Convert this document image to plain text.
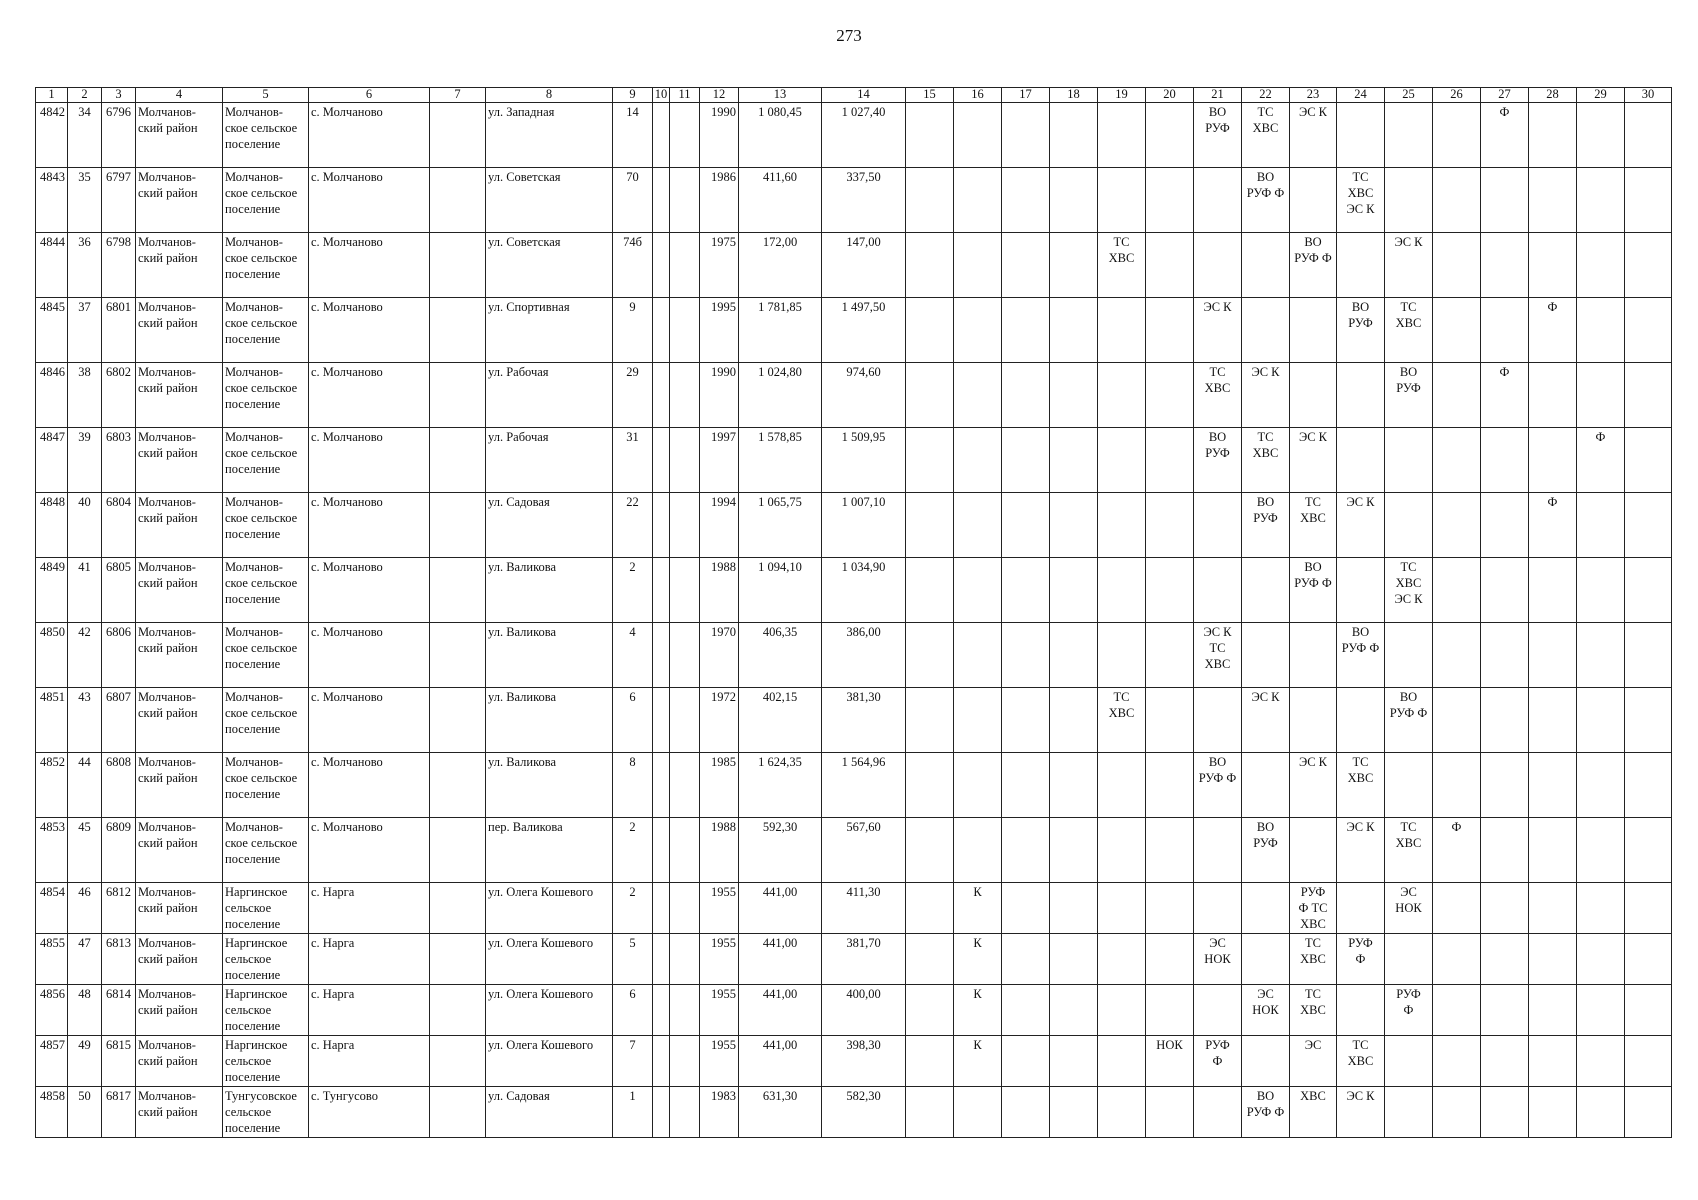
273
1	2	3	4	5	6	7	8	9	10	11	12	13	14	15	16	17	18	19	20	21	22	23	24	25	26	27	28	29	30
4842	34	6796	Молчанов-
ский район	Молчанов-
ское сельское
поселение	с. Молчаново		ул. Западная	14			1990	1 080,45	1 027,40							ВО
РУФ	ТС
ХВС	ЭС К				Ф			
4843	35	6797	Молчанов-
ский район	Молчанов-
ское сельское
поселение	с. Молчаново		ул. Советская	70			1986	411,60	337,50								ВО
РУФ Ф		ТС
ХВС
ЭС К						
4844	36	6798	Молчанов-
ский район	Молчанов-
ское сельское
поселение	с. Молчаново		ул. Советская	74б			1975	172,00	147,00					ТС
ХВС				ВО
РУФ Ф		ЭС К					
4845	37	6801	Молчанов-
ский район	Молчанов-
ское сельское
поселение	с. Молчаново		ул. Спортивная	9			1995	1 781,85	1 497,50							ЭС К			ВО
РУФ	ТС
ХВС			Ф		
4846	38	6802	Молчанов-
ский район	Молчанов-
ское сельское
поселение	с. Молчаново		ул. Рабочая	29			1990	1 024,80	974,60							ТС
ХВС	ЭС К			ВО
РУФ		Ф			
4847	39	6803	Молчанов-
ский район	Молчанов-
ское сельское
поселение	с. Молчаново		ул. Рабочая	31			1997	1 578,85	1 509,95							ВО
РУФ	ТС
ХВС	ЭС К						Ф	
4848	40	6804	Молчанов-
ский район	Молчанов-
ское сельское
поселение	с. Молчаново		ул. Садовая	22			1994	1 065,75	1 007,10								ВО
РУФ	ТС
ХВС	ЭС К				Ф		
4849	41	6805	Молчанов-
ский район	Молчанов-
ское сельское
поселение	с. Молчаново		ул. Валикова	2			1988	1 094,10	1 034,90									ВО
РУФ Ф		ТС
ХВС
ЭС К					
4850	42	6806	Молчанов-
ский район	Молчанов-
ское сельское
поселение	с. Молчаново		ул. Валикова	4			1970	406,35	386,00							ЭС К
ТС
ХВС			ВО
РУФ Ф						
4851	43	6807	Молчанов-
ский район	Молчанов-
ское сельское
поселение	с. Молчаново		ул. Валикова	6			1972	402,15	381,30					ТС
ХВС			ЭС К			ВО
РУФ Ф					
4852	44	6808	Молчанов-
ский район	Молчанов-
ское сельское
поселение	с. Молчаново		ул. Валикова	8			1985	1 624,35	1 564,96							ВО
РУФ Ф		ЭС К	ТС
ХВС						
4853	45	6809	Молчанов-
ский район	Молчанов-
ское сельское
поселение	с. Молчаново		пер. Валикова	2			1988	592,30	567,60								ВО
РУФ		ЭС К	ТС
ХВС	Ф				
4854	46	6812	Молчанов-
ский район	Наргинское
сельское
поселение	с. Нарга		ул. Олега Кошевого	2			1955	441,00	411,30		К							РУФ
Ф ТС
ХВС		ЭС
НОК					
4855	47	6813	Молчанов-
ский район	Наргинское
сельское
поселение	с. Нарга		ул. Олега Кошевого	5			1955	441,00	381,70		К					ЭС
НОК		ТС
ХВС	РУФ
Ф						
4856	48	6814	Молчанов-
ский район	Наргинское
сельское
поселение	с. Нарга		ул. Олега Кошевого	6			1955	441,00	400,00		К						ЭС
НОК	ТС
ХВС		РУФ
Ф					
4857	49	6815	Молчанов-
ский район	Наргинское
сельское
поселение	с. Нарга		ул. Олега Кошевого	7			1955	441,00	398,30		К				НОК	РУФ
Ф		ЭС	ТС
ХВС						
4858	50	6817	Молчанов-
ский район	Тунгусовское
сельское
поселение	с. Тунгусово		ул. Садовая	1			1983	631,30	582,30								ВО
РУФ Ф	ХВС	ЭС К						
